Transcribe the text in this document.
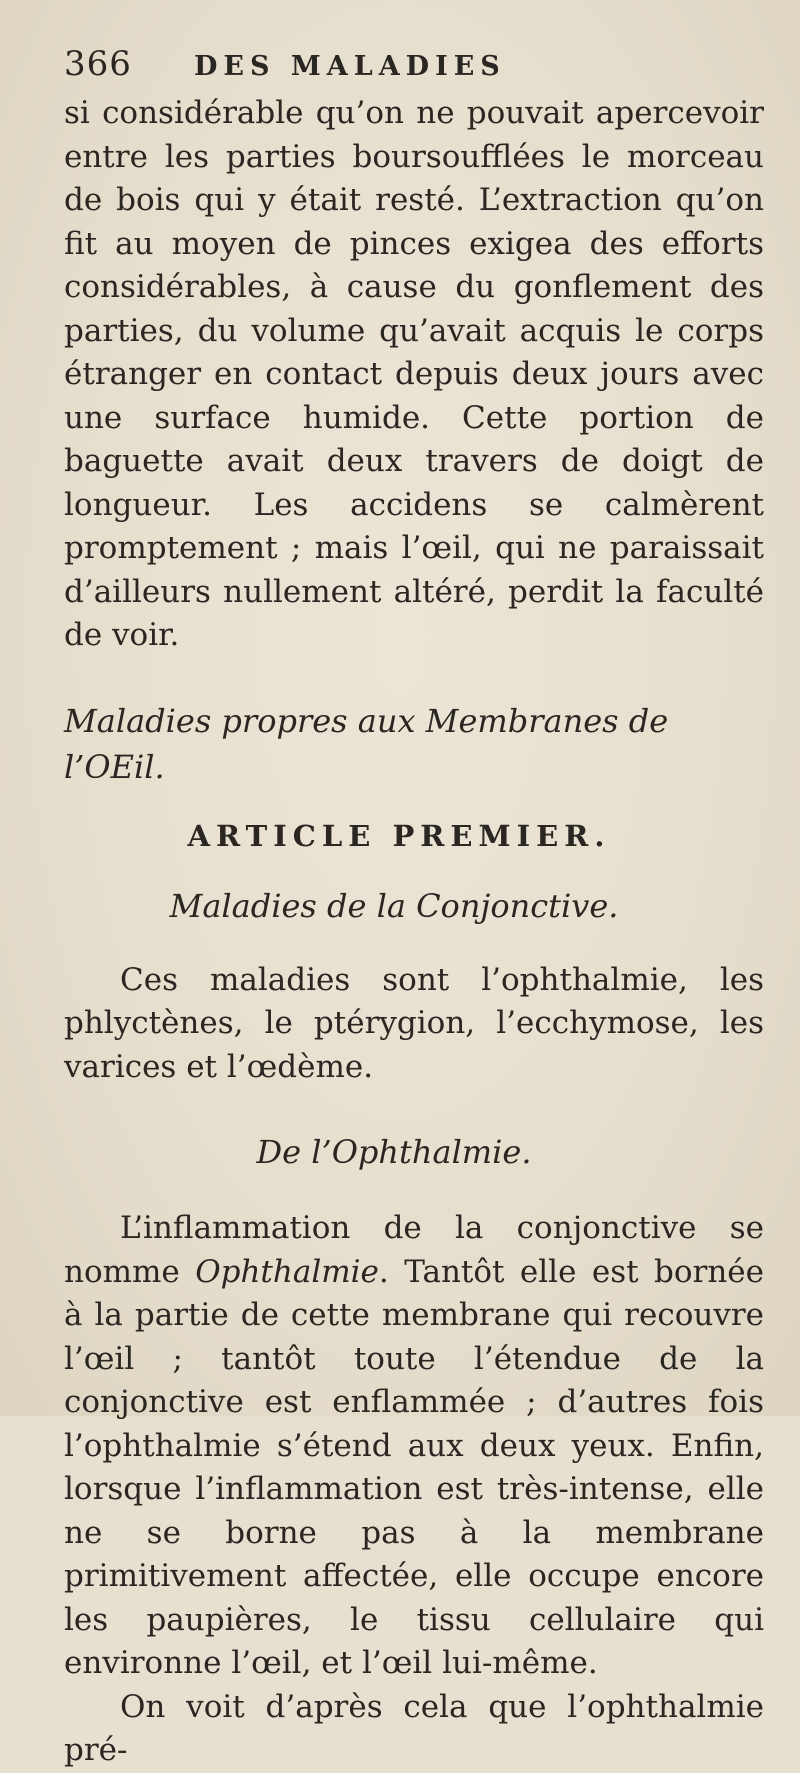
366	DES MALADIES

si considérable qu’on ne pouvait apercevoir entre les parties boursoufflées le morceau de bois qui y était resté. L’extraction qu’on fit au moyen de pinces exigea des efforts considérables, à cause du gonflement des parties, du volume qu’avait acquis le corps étranger en contact depuis deux jours avec une surface humide. Cette portion de baguette avait deux travers de doigt de longueur. Les accidens se calmèrent promptement ; mais l’œil, qui ne paraissait d’ailleurs nullement altéré, perdit la faculté de voir.

Maladies propres aux Membranes de l’OEil.

ARTICLE PREMIER.

Maladies de la Conjonctive.

Ces maladies sont l’ophthalmie, les phlyctènes, le ptérygion, l’ecchymose, les varices et l’œdème.

De l’Ophthalmie.

L’inflammation de la conjonctive se nomme Ophthalmie. Tantôt elle est bornée à la partie de cette membrane qui recouvre l’œil ; tantôt toute l’étendue de la conjonctive est enflammée ; d’autres fois l’ophthalmie s’étend aux deux yeux. Enfin, lorsque l’inflammation est très-intense, elle ne se borne pas à la membrane primitivement affectée, elle occupe encore les paupières, le tissu cellulaire qui environne l’œil, et l’œil lui-même.

On voit d’après cela que l’ophthalmie pré-
